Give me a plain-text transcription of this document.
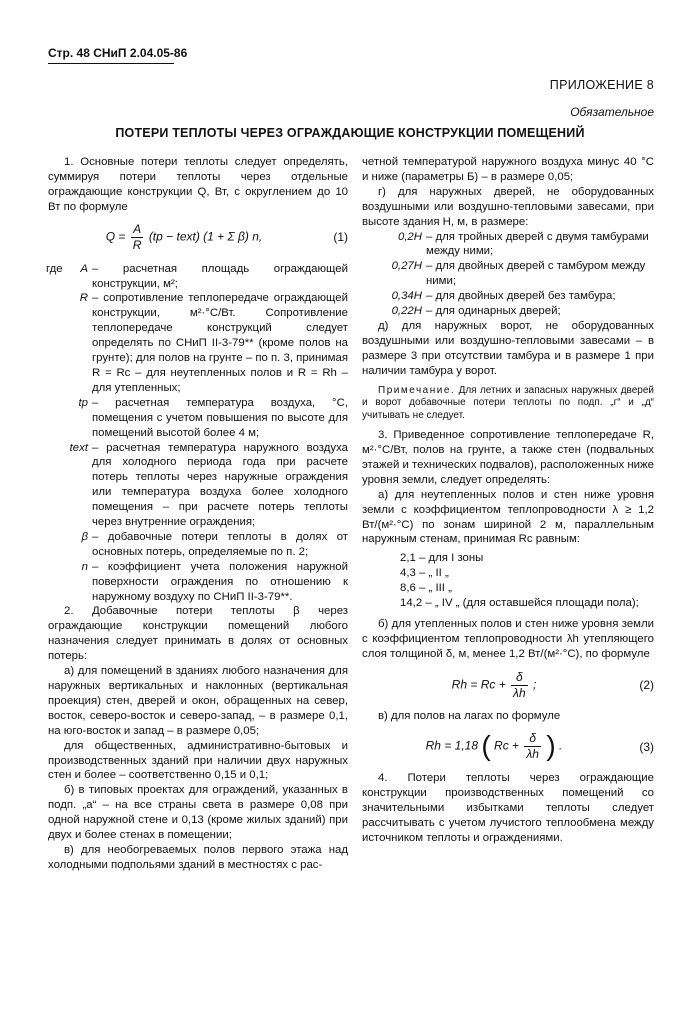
Стр. 48 СНиП 2.04.05-86
ПРИЛОЖЕНИЕ 8
Обязательное
ПОТЕРИ ТЕПЛОТЫ ЧЕРЕЗ ОГРАЖДАЮЩИЕ КОНСТРУКЦИИ ПОМЕЩЕНИЙ

1. Основные потери теплоты следует определять, суммируя потери теплоты через отдельные ограждающие конструкции Q, Вт, с округлением до 10 Вт по формуле

$Q = \frac{A}{R} (tp$ − text) (1 + Σ β) n,	(1)
где	A – расчетная площадь ограждающей конструкции, м²;
R – сопротивление теплопередаче ограждающей конструкции, м²·°С/Вт. Сопротивление теплопередаче конструкций следует определять по СНиП II-3-79** (кроме полов на грунте); для полов на грунте – по п. 3, принимая R = Rc – для неутепленных полов и R = Rh – для утепленных;
tp – расчетная температура воздуха, °С, помещения с учетом повышения по высоте для помещений высотой более 4 м;
text – расчетная температура наружного воздуха для холодного периода года при расчете потерь теплоты через наружные ограждения или температура воздуха более холодного помещения – при расчете потерь теплоты через внутренние ограждения;
β – добавочные потери теплоты в долях от основных потерь, определяемые по п. 2;
n – коэффициент учета положения наружной поверхности ограждения по отношению к наружному воздуху по СНиП II-3-79**.

2. Добавочные потери теплоты β через ограждающие конструкции помещений любого назначения следует принимать в долях от основных потерь:

а) для помещений в зданиях любого назначения для наружных вертикальных и наклонных (вертикальная проекция) стен, дверей и окон, обращенных на север, восток, северо-восток и северо-запад, – в размере 0,1, на юго-восток и запад – в размере 0,05;

для общественных, административно-бытовых и производственных зданий при наличии двух наружных стен и более – соответственно 0,15 и 0,1;

б) в типовых проектах для ограждений, указанных в подп. „а“ – на все страны света в размере 0,08 при одной наружной стене и 0,13 (кроме жилых зданий) при двух и более стенах в помещении;

в) для необогреваемых полов первого этажа над холодными подпольями зданий в местностях с рас-

четной температурой наружного воздуха минус 40 °С и ниже (параметры Б) – в размере 0,05;

г) для наружных дверей, не оборудованных воздушными или воздушно-тепловыми завесами, при высоте здания H, м, в размере:

0,2H – для тройных дверей с двумя тамбурами между ними;
0,27H – для двойных дверей с тамбуром между ними;
0,34H – для двойных дверей без тамбура;
0,22H – для одинарных дверей;

д) для наружных ворот, не оборудованных воздушными или воздушно-тепловыми завесами – в размере 3 при отсутствии тамбура и в размере 1 при наличии тамбура у ворот.

Примечание. Для летних и запасных наружных дверей и ворот добавочные потери теплоты по подп. „г“ и „д“ учитывать не следует.

3. Приведенное сопротивление теплопередаче R, м²·°С/Вт, полов на грунте, а также стен (подвальных этажей и технических подвалов), расположенных ниже уровня земли, следует определять:

а) для неутепленных полов и стен ниже уровня земли с коэффициентом теплопроводности λ ≥ 1,2 Вт/(м²·°С) по зонам шириной 2 м, параллельным наружным стенам, принимая Rc равным:

2,1 – для I зоны
4,3 – „ II „
8,6 – „ III „
14,2 – „ IV „ (для оставшейся площади пола);

б) для утепленных полов и стен ниже уровня земли с коэффициентом теплопроводности λh утепляющего слоя толщиной δ, м, менее 1,2 Вт/(м²·°С), по формуле

$Rh = Rc + \frac{\delta}{\lambda h}$ ;	(2)

в) для полов на лагах по формуле

Rh = 1,18 ( $Rc + \frac{\delta}{\lambda h}$ ) .	(3)

4. Потери теплоты через ограждающие конструкции производственных помещений со значительными избытками теплоты следует рассчитывать с учетом лучистого теплообмена между источником теплоты и ограждениями.
